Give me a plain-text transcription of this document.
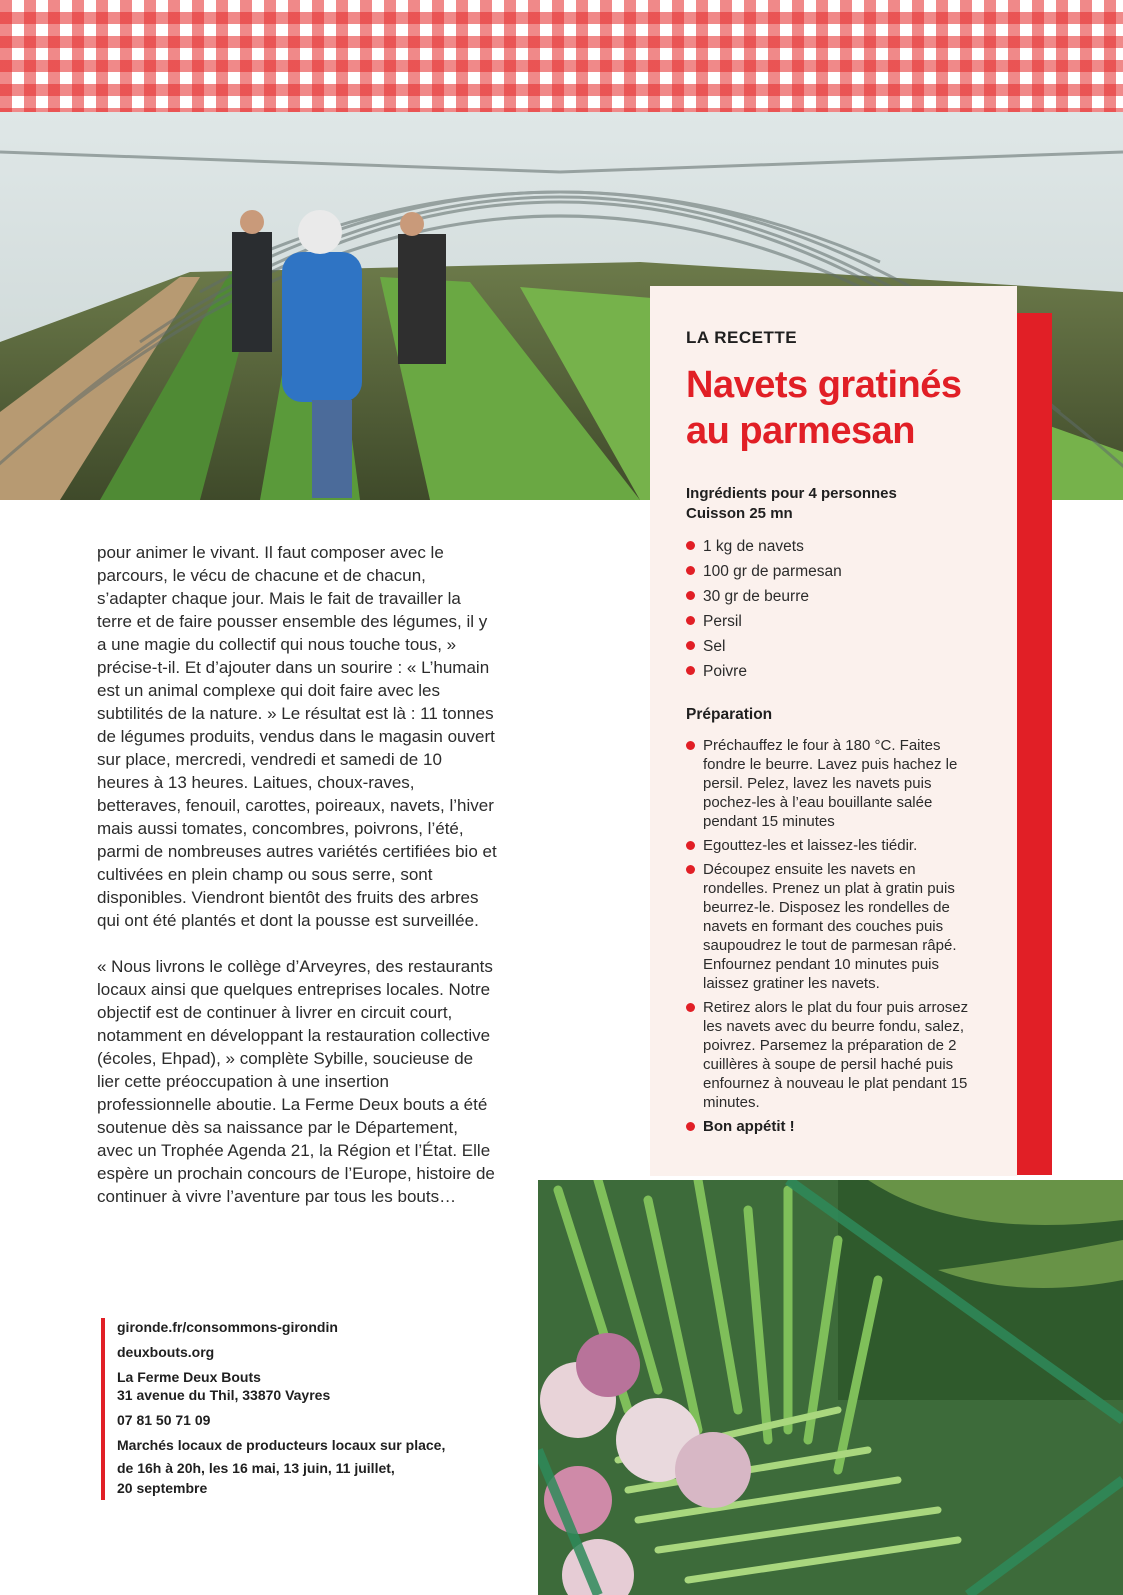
pour animer le vivant. Il faut composer avec le parcours, le vécu de chacune et de chacun, s’adapter chaque jour. Mais le fait de travailler la terre et de faire pousser ensemble des légumes, il y a une magie du collectif qui nous touche tous, » précise-t-il. Et d’ajouter dans un sourire : « L’humain est un animal complexe qui doit faire avec les subtilités de la nature. » Le résultat est là : 11 tonnes de légumes produits, vendus dans le magasin ouvert sur place, mercredi, vendredi et samedi de 10 heures à 13 heures. Laitues, choux-raves, betteraves, fenouil, carottes, poireaux, navets, l’hiver mais aussi tomates, concombres, poivrons, l’été, parmi de nombreuses autres variétés certifiées bio et cultivées en plein champ ou sous serre, sont disponibles. Viendront bientôt des fruits des arbres qui ont été plantés et dont la pousse est surveillée.

« Nous livrons le collège d’Arveyres, des restaurants locaux ainsi que quelques entreprises locales. Notre objectif est de continuer à livrer en circuit court, notamment en développant la restauration collective (écoles, Ehpad), » complète Sybille, soucieuse de lier cette préoccupation à une insertion professionnelle aboutie. La Ferme Deux bouts a été soutenue dès sa naissance par le Département, avec un Trophée Agenda 21, la Région et l’État. Elle espère un prochain concours de l’Europe, histoire de continuer à vivre l’aventure par tous les bouts…

gironde.fr/consommons-girondin

deuxbouts.org

La Ferme Deux Bouts

31 avenue du Thil, 33870 Vayres

07 81 50 71 09

Marchés locaux de producteurs locaux sur place,

de 16h à 20h, les 16 mai, 13 juin, 11 juillet,

20 septembre

LA RECETTE

Navets gratinés
au parmesan

Ingrédients pour 4 personnes

Cuisson 25 mn

1 kg de navets
100 gr de parmesan
30 gr de beurre
Persil
Sel
Poivre

Préparation

Préchauffez le four à 180 °C. Faites fondre le beurre. Lavez puis hachez le persil. Pelez, lavez les navets puis pochez-les à l’eau bouillante salée pendant 15 minutes
Egouttez-les et laissez-les tiédir.
Découpez ensuite les navets en rondelles. Prenez un plat à gratin puis beurrez-le. Disposez les rondelles de navets en formant des couches puis saupoudrez le tout de parmesan râpé. Enfournez pendant 10 minutes puis laissez gratiner les navets.
Retirez alors le plat du four puis arrosez les navets avec du beurre fondu, salez, poivrez. Parsemez la préparation de 2 cuillères à soupe de persil haché puis enfournez à nouveau le plat pendant 15 minutes.
Bon appétit !
